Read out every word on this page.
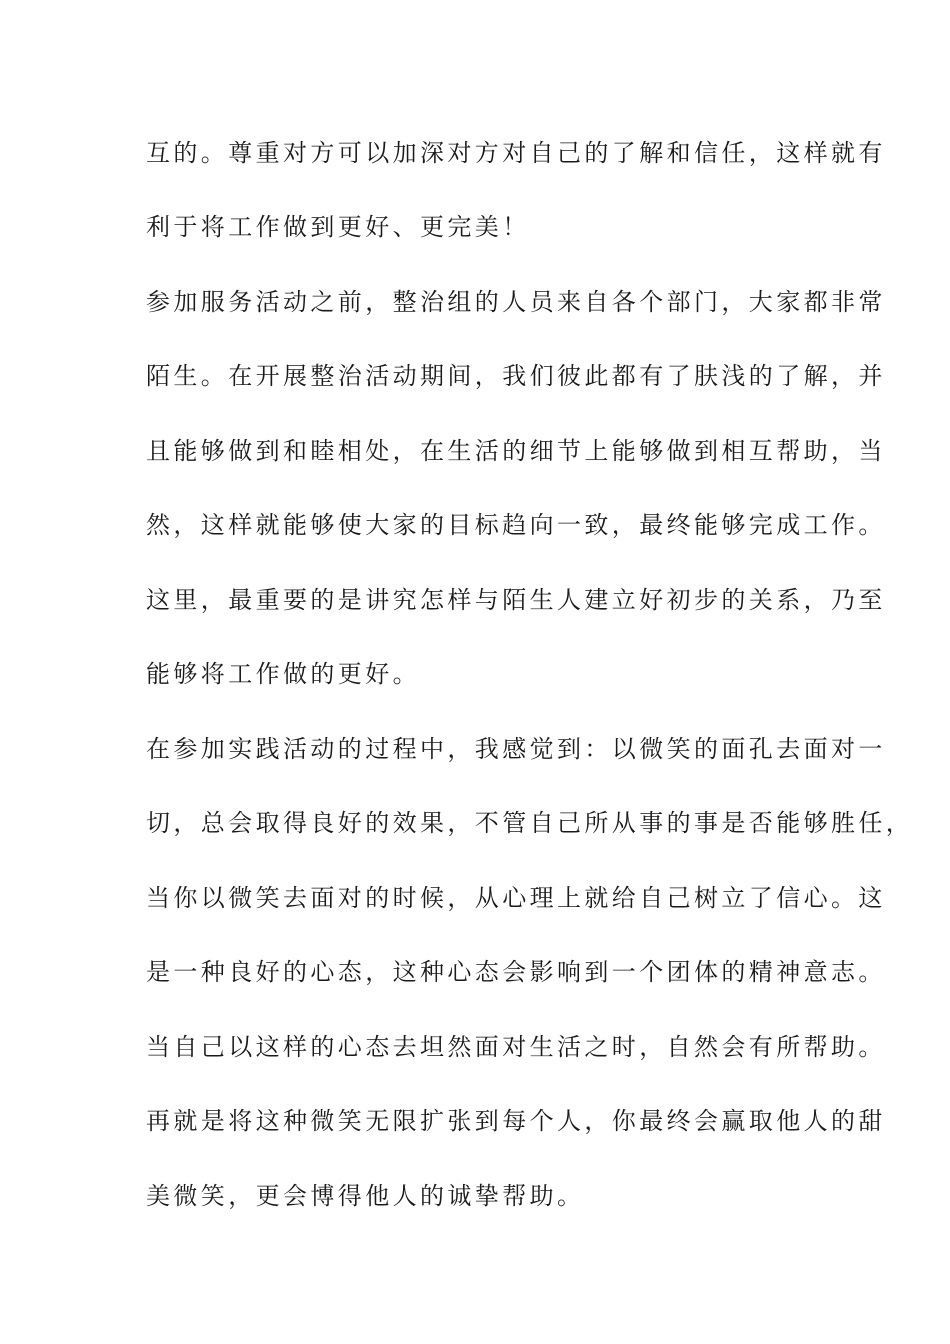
互的。尊重对方可以加深对方对自己的了解和信任，这样就有
利于将工作做到更好、更完美！
参加服务活动之前，整治组的人员来自各个部门，大家都非常
陌生。在开展整治活动期间，我们彼此都有了肤浅的了解，并
且能够做到和睦相处，在生活的细节上能够做到相互帮助，当
然，这样就能够使大家的目标趋向一致，最终能够完成工作。
这里，最重要的是讲究怎样与陌生人建立好初步的关系，乃至
能够将工作做的更好。
在参加实践活动的过程中，我感觉到：以微笑的面孔去面对一
切，总会取得良好的效果，不管自己所从事的事是否能够胜任，
当你以微笑去面对的时候，从心理上就给自己树立了信心。这
是一种良好的心态，这种心态会影响到一个团体的精神意志。
当自己以这样的心态去坦然面对生活之时，自然会有所帮助。
再就是将这种微笑无限扩张到每个人，你最终会赢取他人的甜
美微笑，更会博得他人的诚挚帮助。
